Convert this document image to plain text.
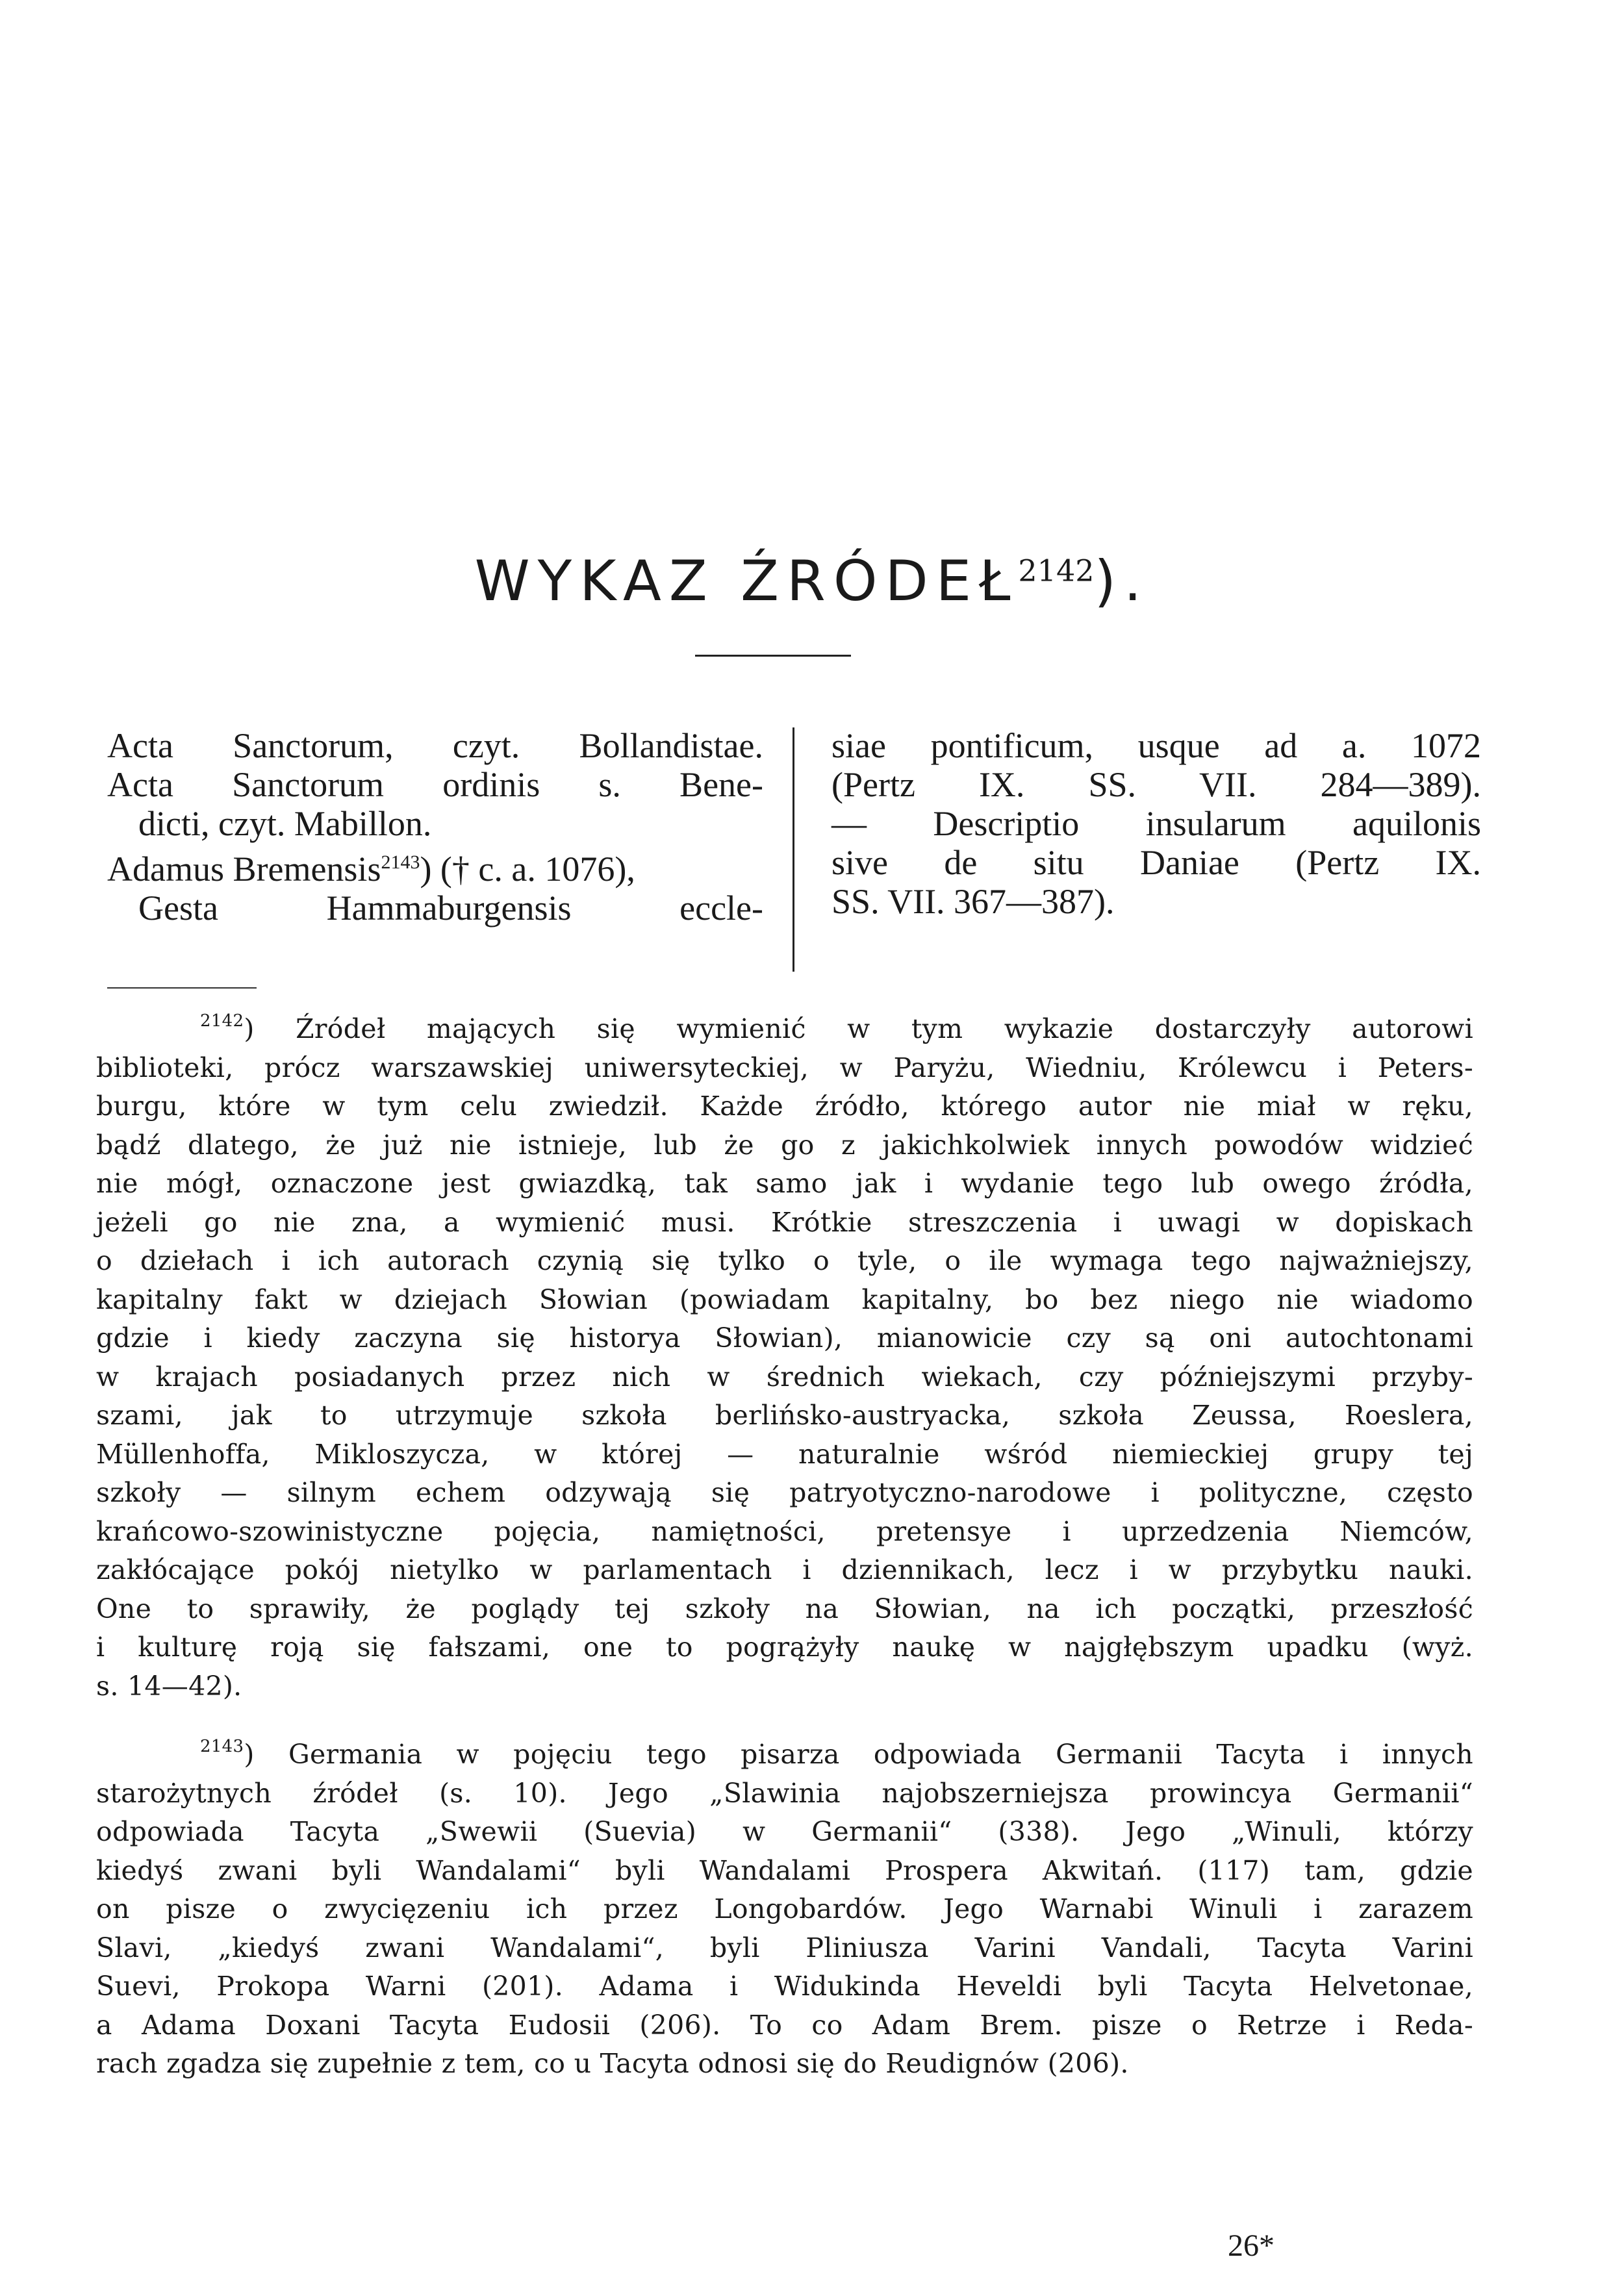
WYKAZ $ŹRÓDEŁ^{2142}$).
Acta Sanctorum, czyt. Bollandistae.
Acta Sanctorum ordinis s. Bene-
dicti, czyt. Mabillon.
Adamus Bremensis$^{2143}$) († c. a. 1076),
Gesta Hammaburgensis eccle-
siae pontificum, usque ad a. 1072
(Pertz IX. SS. VII. 284—389).
— Descriptio insularum aquilonis
sive de situ Daniae (Pertz IX.
SS. VII. 367—387).
$^{2142}$) Źródeł mających się wymienić w tym wykazie dostarczyły autorowi
biblioteki, prócz warszawskiej uniwersyteckiej, w Paryżu, Wiedniu, Królewcu i Peters-
burgu, które w tym celu zwiedził. Każde źródło, którego autor nie miał w ręku,
bądź dlatego, że już nie istnieje, lub że go z jakichkolwiek innych powodów widzieć
nie mógł, oznaczone jest gwiazdką, tak samo jak i wydanie tego lub owego źródła,
jeżeli go nie zna, a wymienić musi. Krótkie streszczenia i uwagi w dopiskach
o dziełach i ich autorach czynią się tylko o tyle, o ile wymaga tego najważniejszy,
kapitalny fakt w dziejach Słowian (powiadam kapitalny, bo bez niego nie wiadomo
gdzie i kiedy zaczyna się historya Słowian), mianowicie czy są oni autochtonami
w krajach posiadanych przez nich w średnich wiekach, czy późniejszymi przyby-
szami, jak to utrzymuje szkoła berlińsko-austryacka, szkoła Zeussa, Roeslera,
Müllenhoffa, Mikloszycza, w której — naturalnie wśród niemieckiej grupy tej
szkoły — silnym echem odzywają się patryotyczno-narodowe i polityczne, często
krańcowo-szowinistyczne pojęcia, namiętności, pretensye i uprzedzenia Niemców,
zakłócające pokój nietylko w parlamentach i dziennikach, lecz i w przybytku nauki.
One to sprawiły, że poglądy tej szkoły na Słowian, na ich początki, przeszłość
i kulturę roją się fałszami, one to pogrążyły naukę w najgłębszym upadku (wyż.
s. 14—42).
$^{2143}$) Germania w pojęciu tego pisarza odpowiada Germanii Tacyta i innych
starożytnych źródeł (s. 10). Jego „Slawinia najobszerniejsza prowincya Germanii“
odpowiada Tacyta „Swewii (Suevia) w Germanii“ (338). Jego „Winuli, którzy
kiedyś zwani byli Wandalami“ byli Wandalami Prospera Akwitań. (117) tam, gdzie
on pisze o zwycięzeniu ich przez Longobardów. Jego Warnabi Winuli i zarazem
Slavi, „kiedyś zwani Wandalami“, byli Pliniusza Varini Vandali, Tacyta Varini
Suevi, Prokopa Warni (201). Adama i Widukinda Heveldi byli Tacyta Helvetonae,
a Adama Doxani Tacyta Eudosii (206). To co Adam Brem. pisze o Retrze i Reda-
rach zgadza się zupełnie z tem, co u Tacyta odnosi się do Reudignów (206).
26*
